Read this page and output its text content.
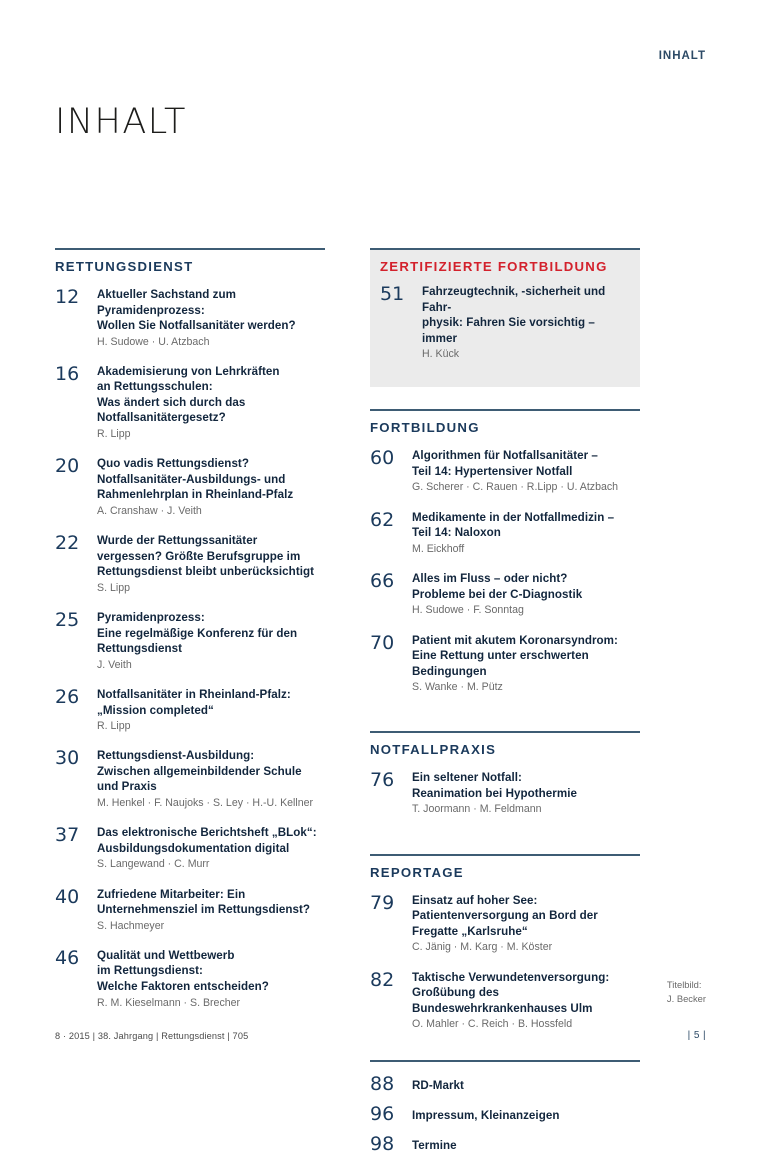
INHALT
INHALT
RETTUNGSDIENST
12	Aktueller Sachstand zum
Pyramidenprozess:
Wollen Sie Notfallsanitäter werden?
H. Sudowe · U. Atzbach
16	Akademisierung von Lehrkräften
an Rettungsschulen:
Was ändert sich durch das
Notfallsanitätergesetz?
R. Lipp
20	Quo vadis Rettungsdienst?
Notfallsanitäter-Ausbildungs- und
Rahmenlehrplan in Rheinland-Pfalz
A. Cranshaw · J. Veith
22	Wurde der Rettungssanitäter
vergessen? Größte Berufsgruppe im
Rettungsdienst bleibt unberücksichtigt
S. Lipp
25	Pyramidenprozess:
Eine regelmäßige Konferenz für den
Rettungsdienst
J. Veith
26	Notfallsanitäter in Rheinland-Pfalz:
„Mission completed“
R. Lipp
30	Rettungsdienst-Ausbildung:
Zwischen allgemeinbildender Schule
und Praxis
M. Henkel · F. Naujoks · S. Ley · H.-U. Kellner
37	Das elektronische Berichtsheft „BLok“:
Ausbildungsdokumentation digital
S. Langewand · C. Murr
40	Zufriedene Mitarbeiter: Ein
Unternehmensziel im Rettungsdienst?
S. Hachmeyer
46	Qualität und Wettbewerb
im Rettungsdienst:
Welche Faktoren entscheiden?
R. M. Kieselmann · S. Brecher
ZERTIFIZIERTE FORTBILDUNG
51	Fahrzeugtechnik, -sicherheit und Fahr-
physik: Fahren Sie vorsichtig – immer
H. Kück
FORTBILDUNG
60	Algorithmen für Notfallsanitäter –
Teil 14: Hypertensiver Notfall
G. Scherer · C. Rauen · R.Lipp · U. Atzbach
62	Medikamente in der Notfallmedizin –
Teil 14: Naloxon
M. Eickhoff
66	Alles im Fluss – oder nicht?
Probleme bei der C-Diagnostik
H. Sudowe · F. Sonntag
70	Patient mit akutem Koronarsyndrom:
Eine Rettung unter erschwerten
Bedingungen
S. Wanke · M. Pütz
NOTFALLPRAXIS
76	Ein seltener Notfall:
Reanimation bei Hypothermie
T. Joormann · M. Feldmann
REPORTAGE
79	Einsatz auf hoher See:
Patientenversorgung an Bord der
Fregatte „Karlsruhe“
C. Jänig · M. Karg · M. Köster
82	Taktische Verwundetenversorgung:
Großübung des
Bundeswehrkrankenhauses Ulm
O. Mahler · C. Reich · B. Hossfeld
88	RD-Markt
96	Impressum, Kleinanzeigen
98	Termine
Titelbild:
J. Becker
8 · 2015 | 38. Jahrgang | Rettungsdienst | 705	| 5 |
